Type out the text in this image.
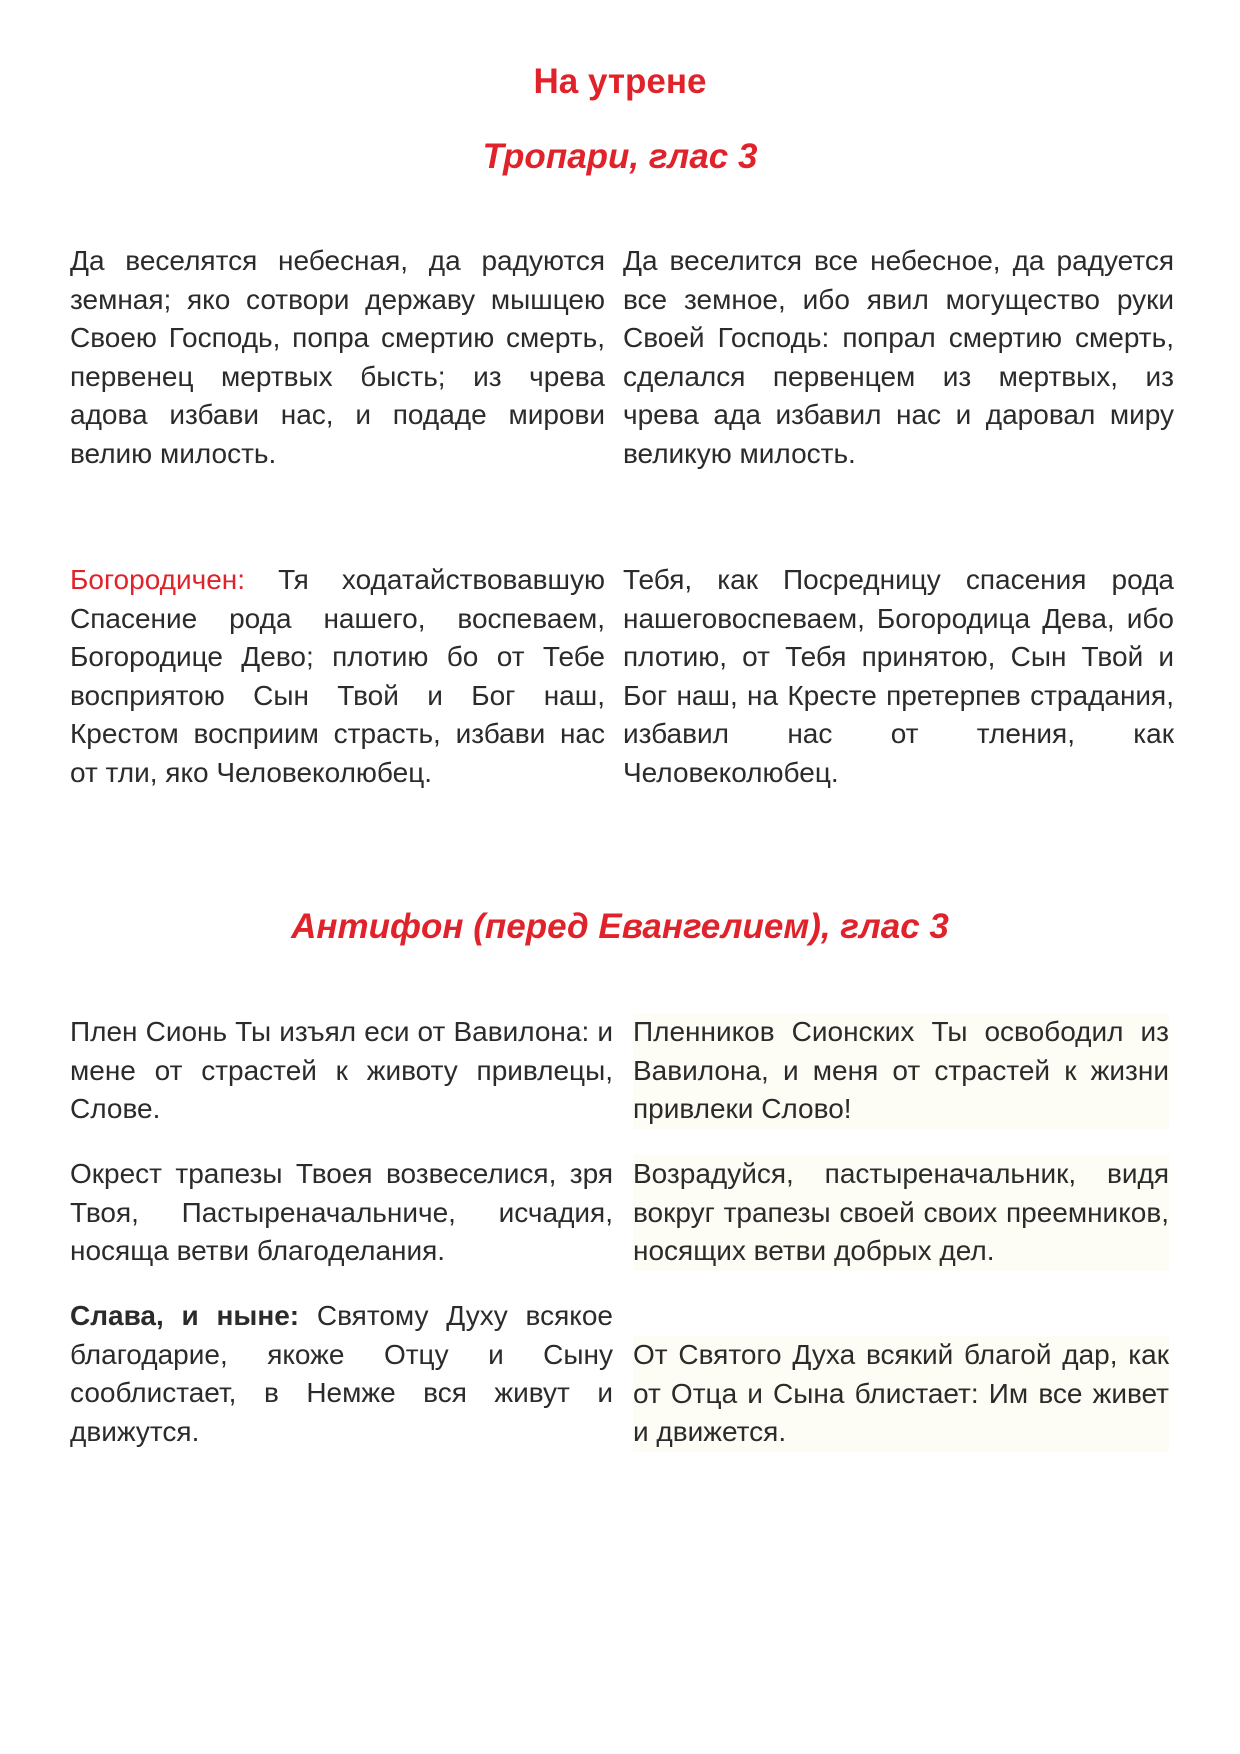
На утрене
Тропари, глас 3

Да веселятся небесная, да радуются земная; яко сотвори державу мышцею Своею Господь, попра смертию смерть, первенец мертвых бысть; из чрева адова избави нас, и подаде мирови велию милость.

Да веселится все небесное, да радуется все земное, ибо явил могущество руки Своей Господь: попрал смертию смерть, сделался первенцем из мертвых, из чрева ада избавил нас и даровал миру великую милость.

Богородичен: Тя ходатайствовавшую Спасение рода нашего, воспеваем, Богородице Дево; плотию бо от Тебе восприятою Сын Твой и Бог наш, Крестом восприим страсть, избави нас от тли, яко Человеколюбец.

Тебя, как Посредницу спасения рода нашеговоспеваем, Богородица Дева, ибо плотию, от Тебя принятою, Сын Твой и Бог наш, на Кресте претерпев страдания, избавил нас от тления, как Человеколюбец.

Антифон (перед Евангелием), глас 3

Плен Сионь Ты изъял еси от Вавилона: и мене от страстей к животу привлецы, Слове.

Пленников Сионских Ты освободил из Вавилона, и меня от страстей к жизни привлеки Слово!

Окрест трапезы Твоея возвеселися, зря Твоя, Пастыреначальниче, исчадия, носяща ветви благоделания.

Возрадуйся, пастыреначальник, видя вокруг трапезы своей своих преемников, носящих ветви добрых дел.

Слава, и ныне: Святому Духу всякое благодарие, якоже Отцу и Сыну сооблистает, в Немже вся живут и движутся.

От Святого Духа всякий благой дар, как от Отца и Сына блистает: Им все живет и движется.
